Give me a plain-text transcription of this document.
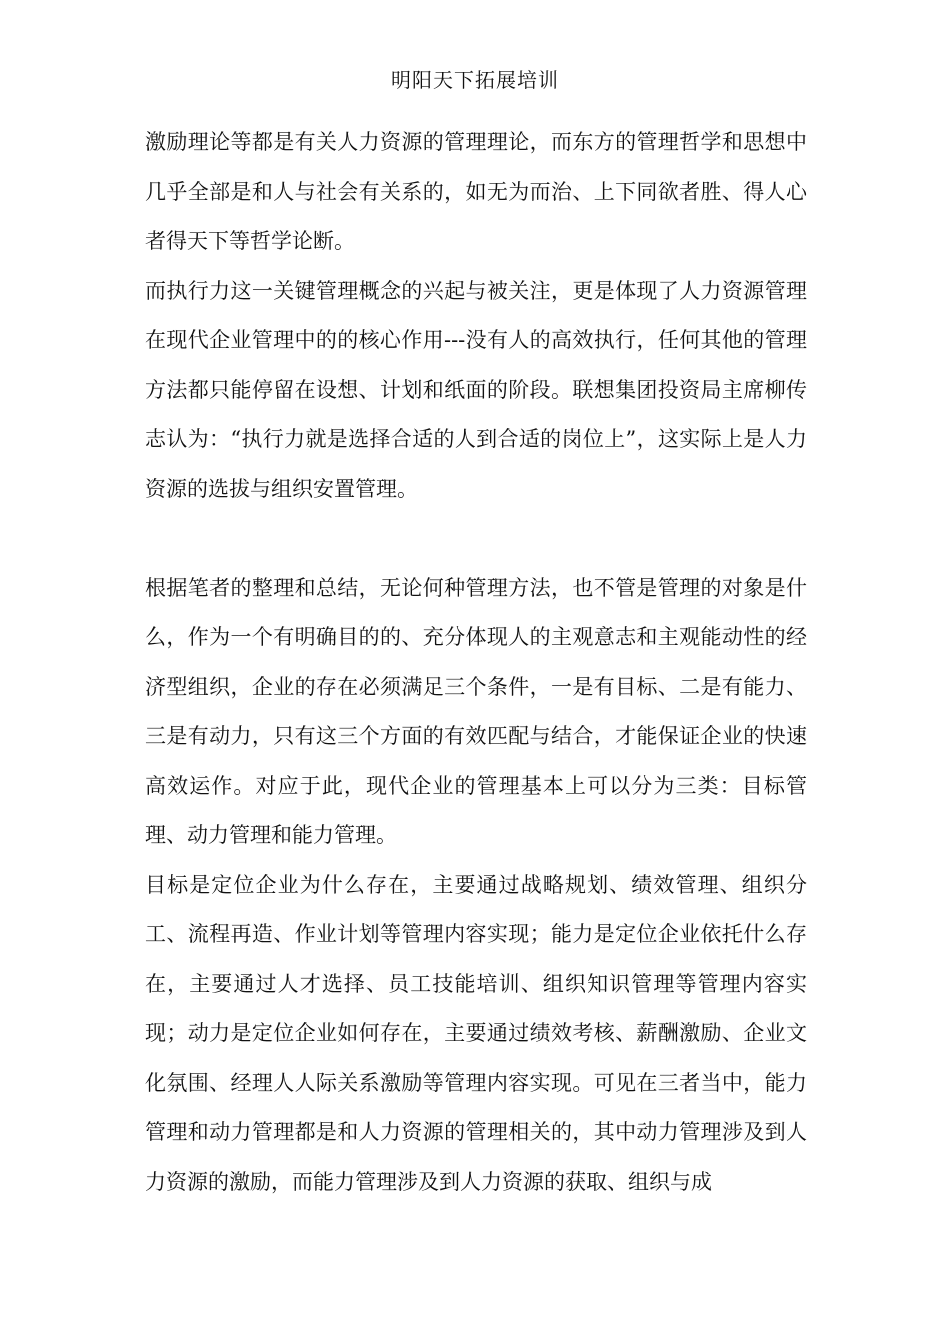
明阳天下拓展培训

激励理论等都是有关人力资源的管理理论，而东方的管理哲学和思想中几乎全部是和人与社会有关系的，如无为而治、上下同欲者胜、得人心者得天下等哲学论断。

而执行力这一关键管理概念的兴起与被关注，更是体现了人力资源管理在现代企业管理中的的核心作用---没有人的高效执行，任何其他的管理方法都只能停留在设想、计划和纸面的阶段。联想集团投资局主席柳传志认为：“执行力就是选择合适的人到合适的岗位上”，这实际上是人力资源的选拔与组织安置管理。

根据笔者的整理和总结，无论何种管理方法，也不管是管理的对象是什么，作为一个有明确目的的、充分体现人的主观意志和主观能动性的经济型组织，企业的存在必须满足三个条件，一是有目标、二是有能力、三是有动力，只有这三个方面的有效匹配与结合，才能保证企业的快速高效运作。对应于此，现代企业的管理基本上可以分为三类：目标管理、动力管理和能力管理。

目标是定位企业为什么存在，主要通过战略规划、绩效管理、组织分工、流程再造、作业计划等管理内容实现；能力是定位企业依托什么存在，主要通过人才选择、员工技能培训、组织知识管理等管理内容实现；动力是定位企业如何存在，主要通过绩效考核、薪酬激励、企业文化氛围、经理人人际关系激励等管理内容实现。可见在三者当中，能力管理和动力管理都是和人力资源的管理相关的，其中动力管理涉及到人力资源的激励，而能力管理涉及到人力资源的获取、组织与成
